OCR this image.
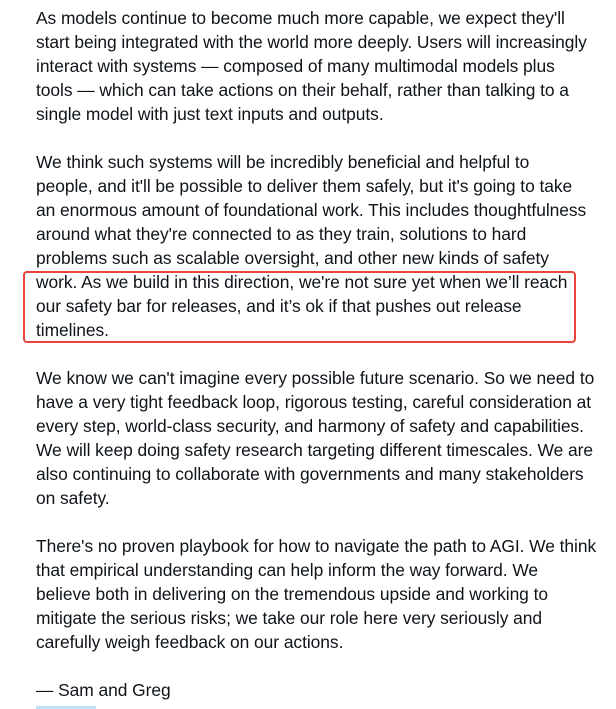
As models continue to become much more capable, we expect they'll
start being integrated with the world more deeply. Users will increasingly
interact with systems — composed of many multimodal models plus
tools — which can take actions on their behalf, rather than talking to a
single model with just text inputs and outputs.
We think such systems will be incredibly beneficial and helpful to
people, and it'll be possible to deliver them safely, but it's going to take
an enormous amount of foundational work. This includes thoughtfulness
around what they're connected to as they train, solutions to hard
problems such as scalable oversight, and other new kinds of safety
work. As we build in this direction, we're not sure yet when we’ll reach
our safety bar for releases, and it’s ok if that pushes out release
timelines.
We know we can't imagine every possible future scenario. So we need to
have a very tight feedback loop, rigorous testing, careful consideration at
every step, world-class security, and harmony of safety and capabilities.
We will keep doing safety research targeting different timescales. We are
also continuing to collaborate with governments and many stakeholders
on safety.
There's no proven playbook for how to navigate the path to AGI. We think
that empirical understanding can help inform the way forward. We
believe both in delivering on the tremendous upside and working to
mitigate the serious risks; we take our role here very seriously and
carefully weigh feedback on our actions.
— Sam and Greg
